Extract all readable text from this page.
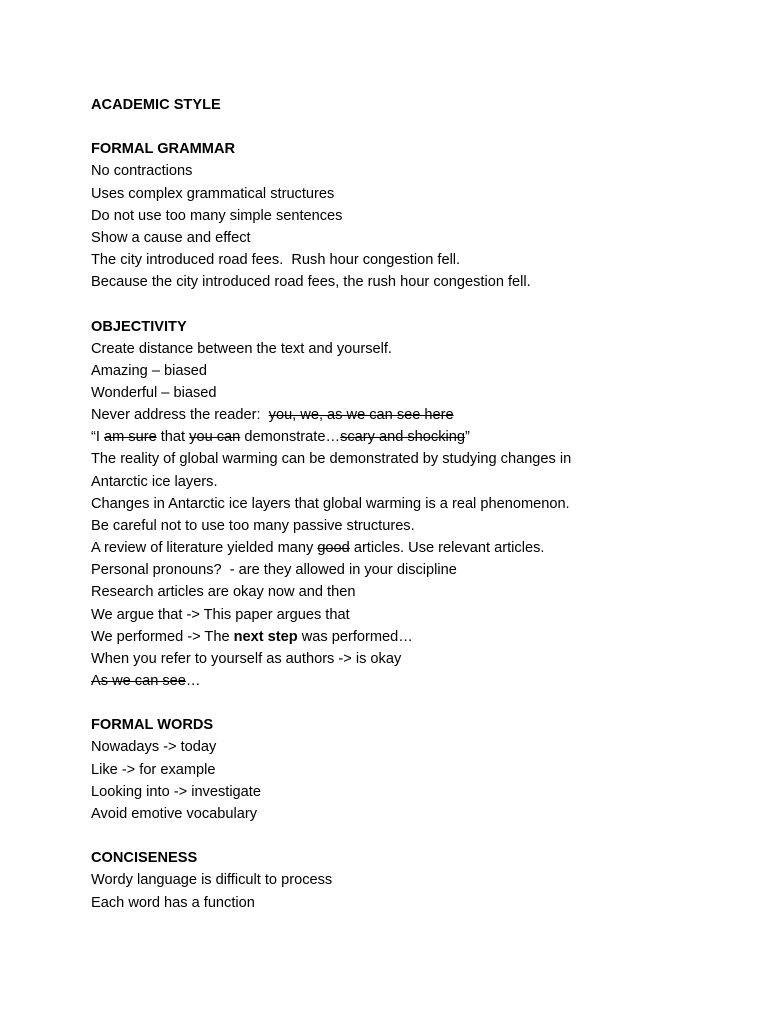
ACADEMIC STYLE
FORMAL GRAMMAR
No contractions
Uses complex grammatical structures
Do not use too many simple sentences
Show a cause and effect
The city introduced road fees.  Rush hour congestion fell.
Because the city introduced road fees, the rush hour congestion fell.
OBJECTIVITY
Create distance between the text and yourself.
Amazing – biased
Wonderful – biased
Never address the reader:  you, we, as we can see here
“I am sure that you can demonstrate…scary and shocking”
The reality of global warming can be demonstrated by studying changes in
Antarctic ice layers.
Changes in Antarctic ice layers that global warming is a real phenomenon.
Be careful not to use too many passive structures.
A review of literature yielded many good articles. Use relevant articles.
Personal pronouns?  - are they allowed in your discipline
Research articles are okay now and then
We argue that -> This paper argues that
We performed -> The next step was performed…
When you refer to yourself as authors -> is okay
As we can see…
FORMAL WORDS
Nowadays -> today
Like -> for example
Looking into -> investigate
Avoid emotive vocabulary
CONCISENESS
Wordy language is difficult to process
Each word has a function
